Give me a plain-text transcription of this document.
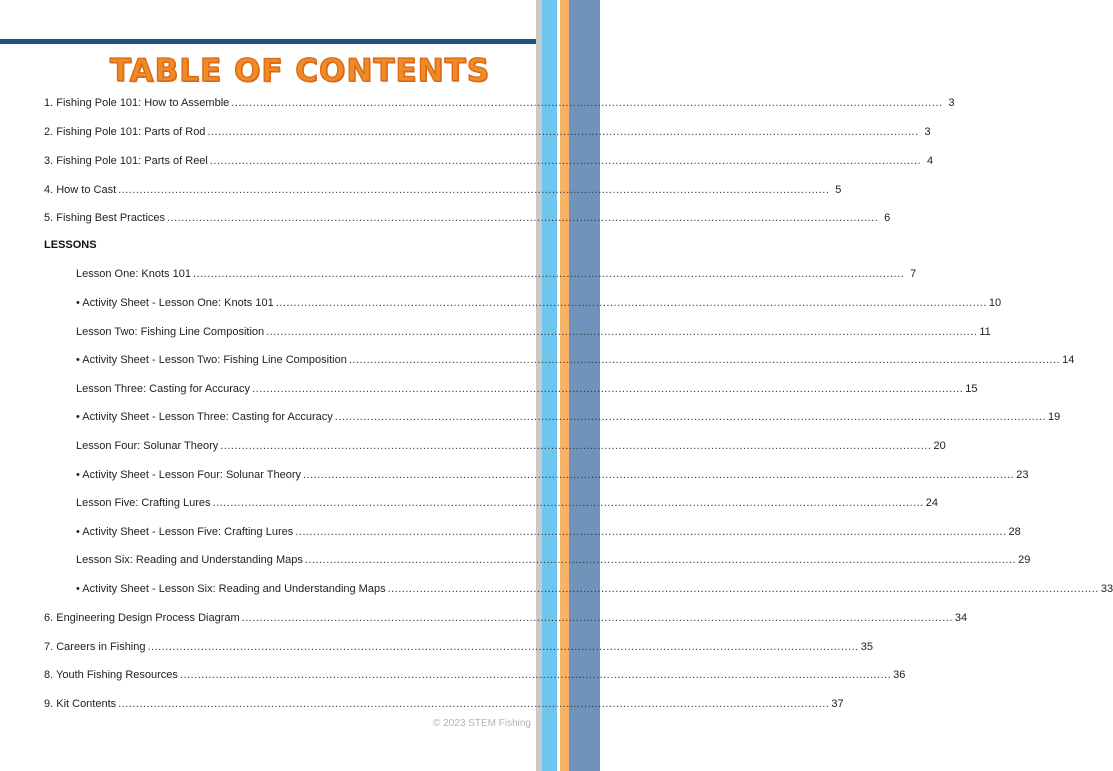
TABLE OF CONTENTS
1. Fishing Pole 101: How to Assemble ........................................................................................................................................................................................................ 3
2. Fishing Pole 101: Parts of Rod ........................................................................................................................................................................................................ 3
3. Fishing Pole 101: Parts of Reel ........................................................................................................................................................................................................ 4
4. How to Cast ........................................................................................................................................................................................................ 5
5. Fishing Best Practices ........................................................................................................................................................................................................ 6
LESSONS
Lesson One: Knots 101 ........................................................................................................................................................................................................ 7
• Activity Sheet - Lesson One: Knots 101 ........................................................................................................................................................................................................ 10
Lesson Two: Fishing Line Composition ........................................................................................................................................................................................................ 11
• Activity Sheet - Lesson Two: Fishing Line Composition ........................................................................................................................................................................................................ 14
Lesson Three: Casting for Accuracy ........................................................................................................................................................................................................ 15
• Activity Sheet - Lesson Three: Casting for Accuracy ........................................................................................................................................................................................................ 19
Lesson Four: Solunar Theory ........................................................................................................................................................................................................ 20
• Activity Sheet - Lesson Four: Solunar Theory ........................................................................................................................................................................................................ 23
Lesson Five: Crafting Lures ........................................................................................................................................................................................................ 24
• Activity Sheet - Lesson Five: Crafting Lures ........................................................................................................................................................................................................ 28
Lesson Six: Reading and Understanding Maps ........................................................................................................................................................................................................ 29
• Activity Sheet - Lesson Six: Reading and Understanding Maps ........................................................................................................................................................................................................ 33
6. Engineering Design Process Diagram ........................................................................................................................................................................................................ 34
7. Careers in Fishing ........................................................................................................................................................................................................ 35
8. Youth Fishing Resources ........................................................................................................................................................................................................ 36
9. Kit Contents ........................................................................................................................................................................................................ 37
© 2023 STEM Fishing
